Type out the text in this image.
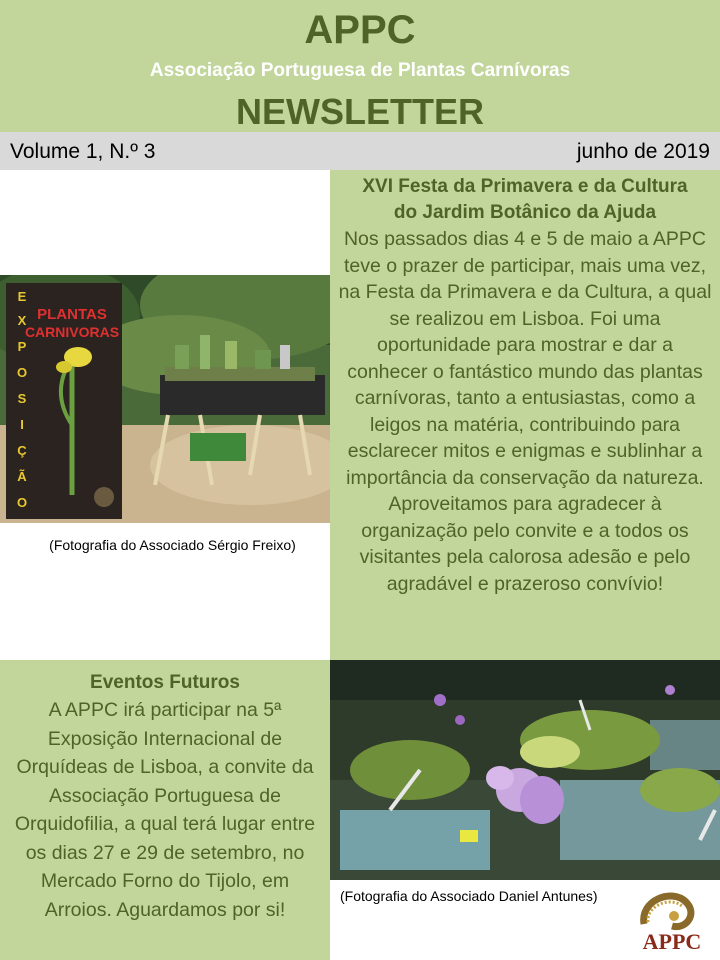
APPC
Associação Portuguesa de Plantas Carnívoras
NEWSLETTER
Volume 1, N.º 3	junho de 2019
XVI Festa da Primavera e da Cultura
do Jardim Botânico da Ajuda

Nos passados dias 4 e 5 de maio a APPC teve o prazer de participar, mais uma vez, na Festa da Primavera e da Cultura, a qual se realizou em Lisboa. Foi uma oportunidade para mostrar e dar a conhecer o fantástico mundo das plantas carnívoras, tanto a entusiastas, como a leigos na matéria, contribuindo para esclarecer mitos e enigmas e sublinhar a importância da conservação da natureza. Aproveitamos para agradecer à organização pelo convite e a todos os visitantes pela calorosa adesão e pelo agradável e prazeroso convívio!

PLANTAS
CARNIVORAS
E
X
P
O
S
I
Ç
Ã
O
(Fotografia do Associado Sérgio Freixo)
Eventos Futuros

A APPC irá participar na 5ª Exposição Internacional de Orquídeas de Lisboa, a convite da Associação Portuguesa de Orquidofilia, a qual terá lugar entre os dias 27 e 29 de setembro, no Mercado Forno do Tijolo, em Arroios. Aguardamos por si!

(Fotografia do Associado Daniel Antunes)
APPC
